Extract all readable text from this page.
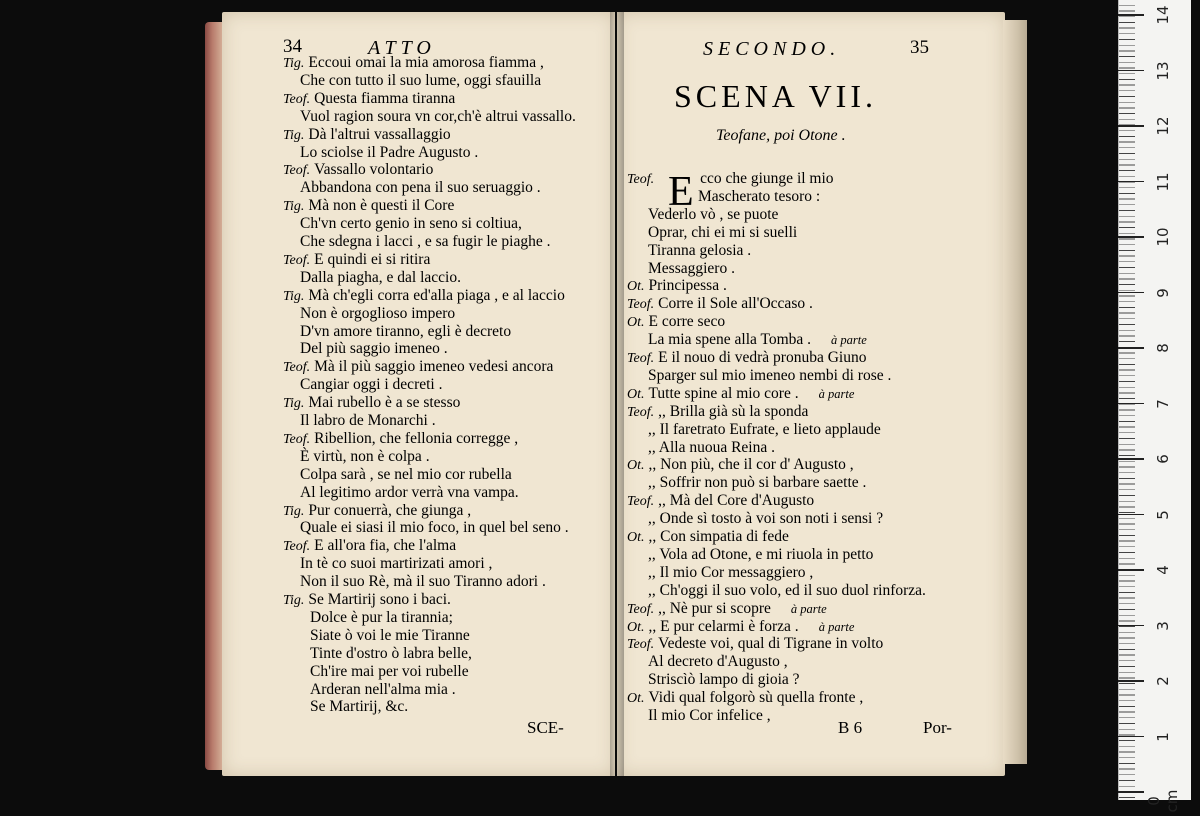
34	ATTO
Tig. Eccoui omai la mia amorosa fiamma ,
Che con tutto il suo lume, oggi sfauilla
Teof. Questa fiamma tiranna
Vuol ragion soura vn cor,ch'è altrui vassallo.
Tig. Dà l'altrui vassallaggio
Lo sciolse il Padre Augusto .
Teof. Vassallo volontario
Abbandona con pena il suo seruaggio .
Tig. Mà non è questi il Core
Ch'vn certo genio in seno si coltiua,
Che sdegna i lacci , e sa fugir le piaghe .
Teof. E quindi ei si ritira
Dalla piagha, e dal laccio.
Tig. Mà ch'egli corra ed'alla piaga , e al laccio
Non è orgoglioso impero
D'vn amore tiranno, egli è decreto
Del più saggio imeneo .
Teof. Mà il più saggio imeneo vedesi ancora
Cangiar oggi i decreti .
Tig. Mai rubello è a se stesso
Il labro de Monarchi .
Teof. Ribellion, che fellonia corregge ,
È virtù, non è colpa .
Colpa sarà , se nel mio cor rubella
Al legitimo ardor verrà vna vampa.
Tig. Pur conuerrà, che giunga ,
Quale ei siasi il mio foco, in quel bel seno .
Teof. E all'ora fia, che l'alma
In tè co suoi martirizati amori ,
Non il suo Rè, mà il suo Tiranno adori .
Tig. Se Martirij sono i baci.
Dolce è pur la tirannia;
Siate ò voi le mie Tiranne
Tinte d'ostro ò labra belle,
Ch'ire mai per voi rubelle
Arderan nell'alma mia .
Se Martirij, &c.
SCE-
SECONDO.	35
SCENA VII.
Teofane, poi Otone .
E
Teof.	cco che giunge il mio
Mascherato tesoro :
Vederlo vò , se puote
Oprar, chi ei mi si suelli
Tiranna gelosia .
Messaggiero .
Ot. Principessa .
Teof. Corre il Sole all'Occaso .
Ot. E corre seco
La mia spene alla Tomba . à parte
Teof. E il nouo di vedrà pronuba Giuno
Sparger sul mio imeneo nembi di rose .
Ot. Tutte spine al mio core . à parte
Teof. ,, Brilla già sù la sponda
,, Il faretrato Eufrate, e lieto applaude
,, Alla nuoua Reina .
Ot. ,, Non più, che il cor d' Augusto ,
,, Soffrir non può si barbare saette .
Teof. ,, Mà del Core d'Augusto
,, Onde sì tosto à voi son noti i sensi ?
Ot. ,, Con simpatia di fede
,, Vola ad Otone, e mi riuola in petto
,, Il mio Cor messaggiero ,
,, Ch'oggi il suo volo, ed il suo duol rinforza.
Teof. ,, Nè pur si scopre à parte
Ot. ,, E pur celarmi è forza . à parte
Teof. Vedeste voi, qual di Tigrane in volto
Al decreto d'Augusto ,
Striscìò lampo di gioia ?
Ot. Vidi qual folgorò sù quella fronte ,
Il mio Cor infelice ,
B 6	Por-
14
13
12
11
10
9
8
7
6
5
4
3
2
1
0 cm
